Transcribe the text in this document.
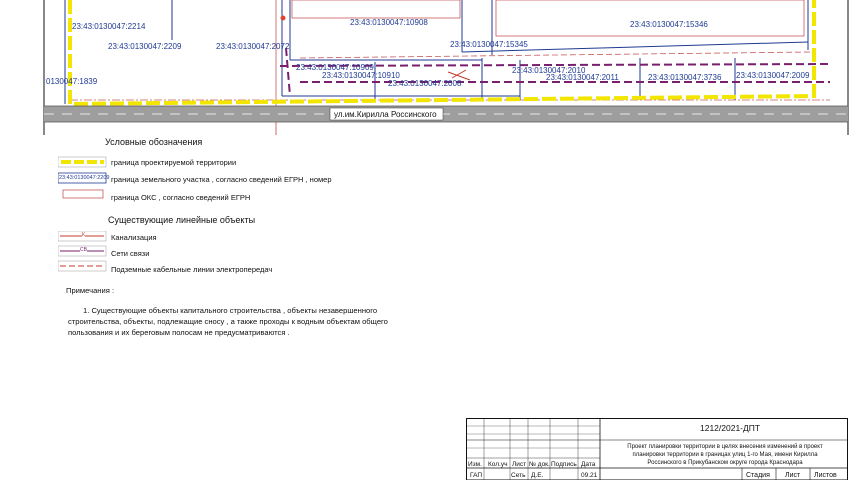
ул.им.Кирилла Россинского
23:43:0130047:2214
23:43:0130047:2209	23:43:0130047:2072
23:43:0130047:10908
23:43:0130047:15345
23:43:0130047:15346
0130047:1839
23:43:0130047:10909
23:43:0130047:10910
23:43:0130047:2008
23:43:0130047:2010
23:43:0130047:2011	23:43:0130047:3736 23:43:0130047:2009
Условные обозначения
23:43:0130047:2209
граница проектируемой территории
граница земельного участка , согласно сведений ЕГРН , номер
граница ОКС , согласно сведений ЕГРН
Существующие линейные объекты
К
СВ
Канализация
Сети связи
Подземные кабельные линии электропередач
Примечания :
1. Существующие объекты капитального строительства , объекты незавершенного
строительства, объекты, подлежащие сносу , а также проходы к водным объектам общего
пользования и их береговым полосам не предусматриваются .
1212/2021-ДПТ
Проект планировки территории в целях внесения изменений в проект
планировки территории в границах улиц 1-го Мая, имени Кирилла
Россинского в Прикубанском округе города Краснодара
Изм. Кол.уч Лист № док. Подпись Дата
ГАП	Сеть Д.Е.	09.21	Стадия Лист Листов
